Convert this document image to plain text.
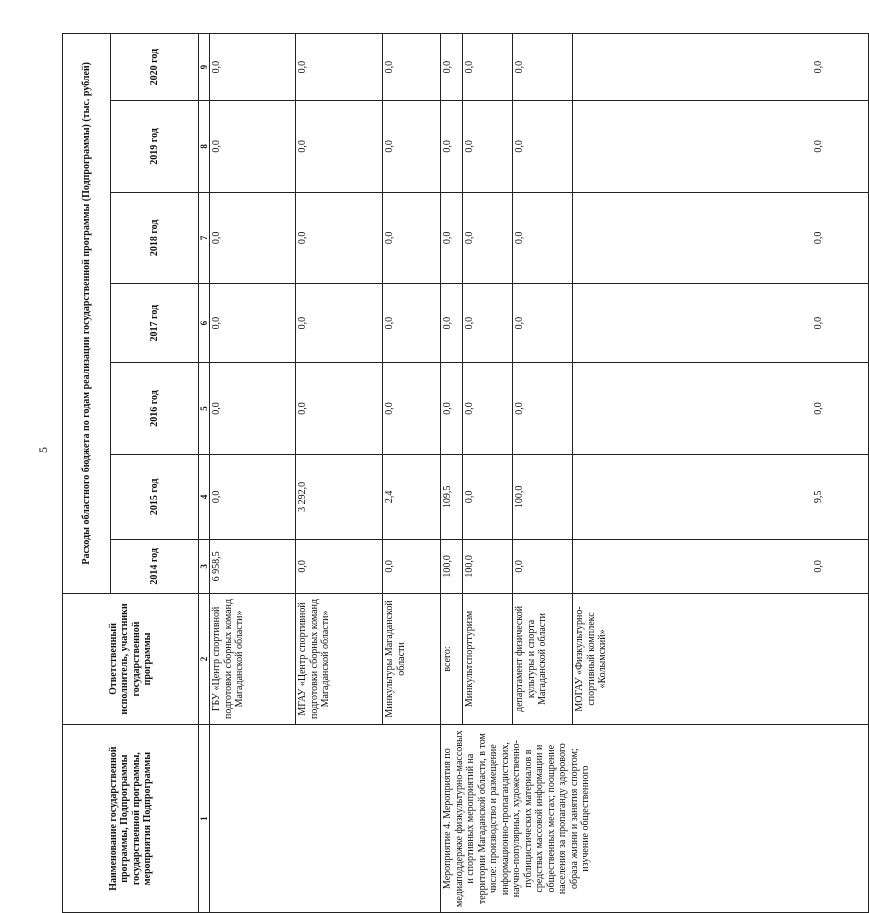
5
Наименование государственной программы, Подпрограммы государственной программы, мероприятия Подпрограммы	Ответственный исполнитель, участники государственной программы	Расходы областного бюджета по годам реализации государственной программы (Подпрограммы) (тыс. рублей)						
		2014 год	2015 год	2016 год	2017 год	2018 год	2019 год	2020 год
1	2	3	4	5	6	7	8	9
	ГБУ «Центр спортивной подготовки сборных команд Магаданской области»	6 958,5	0,0	0,0	0,0	0,0	0,0	0,0
	МГАУ «Центр спортивной подготовки сборных команд Магаданской области»	0,0	3 292,0	0,0	0,0	0,0	0,0	0,0
	Минкультуры Магаданской области	0,0	2,4	0,0	0,0	0,0	0,0	0,0
Мероприятие 4. Мероприятия по медиаподдержке физкультурно-массовых и спортивных мероприятий на территории Магаданской области, в том числе: производство и размещение информационно-пропагандистских, научно-популярных, художественно-публицистических материалов в средствах массовой информации и общественных местах; поощрение населения за пропаганду здорового образа жизни и занятия спортом; изучение общественного	всего:	100,0	109,5	0,0	0,0	0,0	0,0	0,0
	Минкультспорттуризм	100,0	0,0	0,0	0,0	0,0	0,0	0,0
	департамент физической культуры и спорта Магаданской области	0,0	100,0	0,0	0,0	0,0	0,0	0,0
	МОГАУ «Физкультурно-спортивный комплекс «Колымский»	0,0	9,5	0,0	0,0	0,0	0,0	0,0
